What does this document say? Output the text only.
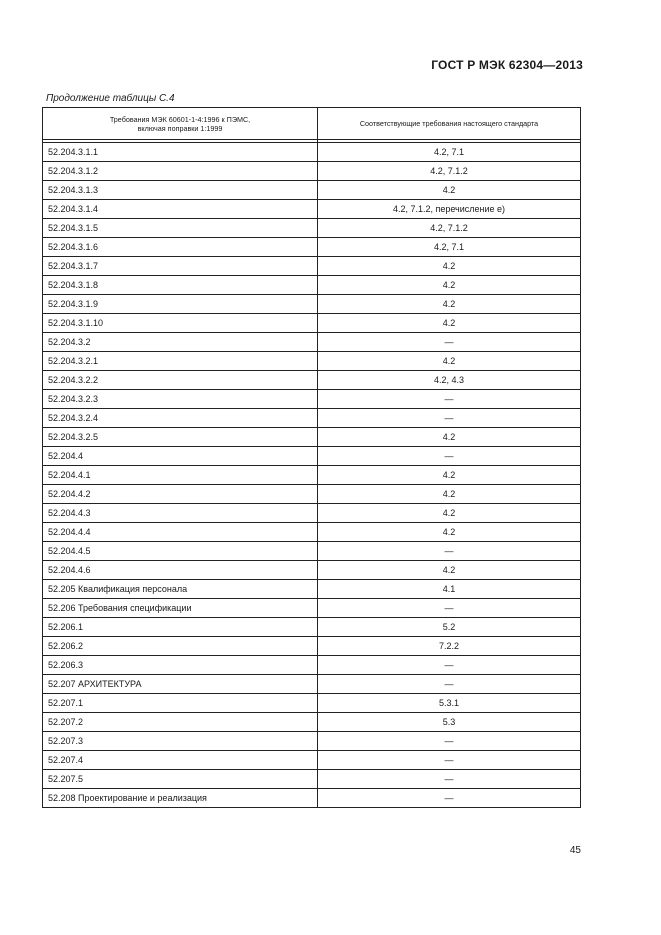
ГОСТ Р МЭК 62304—2013
Продолжение таблицы С.4
Требования МЭК 60601-1-4:1996 к ПЭМС,
включая поправки 1:1999	Соответствующие требования настоящего стандарта

52.204.3.1.1	4.2, 7.1
52.204.3.1.2	4.2, 7.1.2
52.204.3.1.3	4.2
52.204.3.1.4	4.2, 7.1.2, перечисление е)
52.204.3.1.5	4.2, 7.1.2
52.204.3.1.6	4.2, 7.1
52.204.3.1.7	4.2
52.204.3.1.8	4.2
52.204.3.1.9	4.2
52.204.3.1.10	4.2
52.204.3.2	—
52.204.3.2.1	4.2
52.204.3.2.2	4.2, 4.3
52.204.3.2.3	—
52.204.3.2.4	—
52.204.3.2.5	4.2
52.204.4	—
52.204.4.1	4.2
52.204.4.2	4.2
52.204.4.3	4.2
52.204.4.4	4.2
52.204.4.5	—
52.204.4.6	4.2
52.205 Квалификация персонала	4.1
52.206 Требования спецификации	—
52.206.1	5.2
52.206.2	7.2.2
52.206.3	—
52.207 АРХИТЕКТУРА	—
52.207.1	5.3.1
52.207.2	5.3
52.207.3	—
52.207.4	—
52.207.5	—
52.208 Проектирование и реализация	—
45
